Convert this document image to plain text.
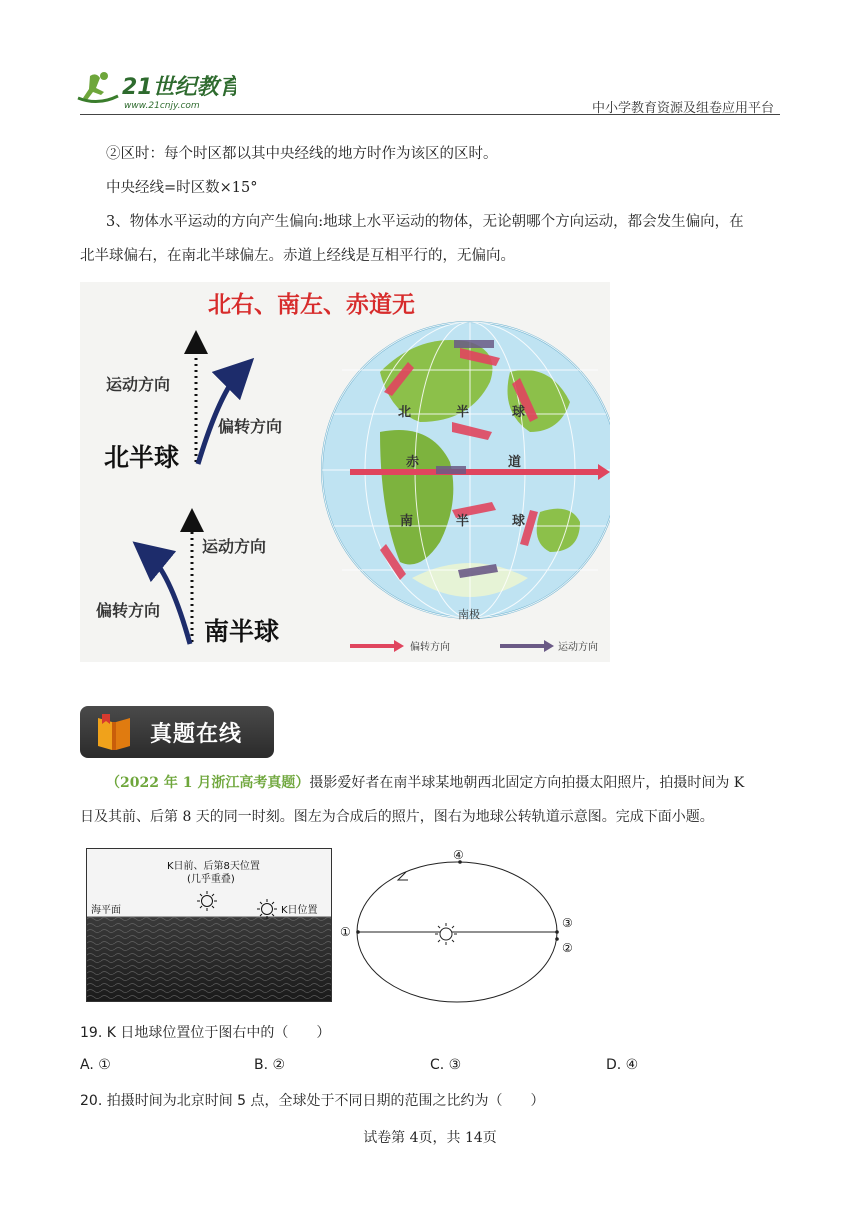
21世纪教育
www.21cnjy.com	中小学教育资源及组卷应用平台
②区时：每个时区都以其中央经线的地方时作为该区的区时。
中央经线=时区数×15°
3、物体水平运动的方向产生偏向:地球上水平运动的物体，无论朝哪个方向运动，都会发生偏向，在
北半球偏右，在南北半球偏左。赤道上经线是互相平行的，无偏向。
北右、南左、赤道无
运动方向
偏转方向
北半球
运动方向
偏转方向
南半球
北	半	球
赤	道
南	半	球
南极
偏转方向	运动方向
真题在线
（2022 年 1 月浙江高考真题）摄影爱好者在南半球某地朝西北固定方向拍摄太阳照片，拍摄时间为 K
日及其前、后第 8 天的同一时刻。图左为合成后的照片，图右为地球公转轨道示意图。完成下面小题。
K日前、后第8天位置
(几乎重叠)
海平面	K日位置
①
②
③
④
19. K 日地球位置位于图右中的（　　）
A. ①	B. ②	C. ③	D. ④
20. 拍摄时间为北京时间 5 点，全球处于不同日期的范围之比约为（　　）
试卷第 4页，共 14页
